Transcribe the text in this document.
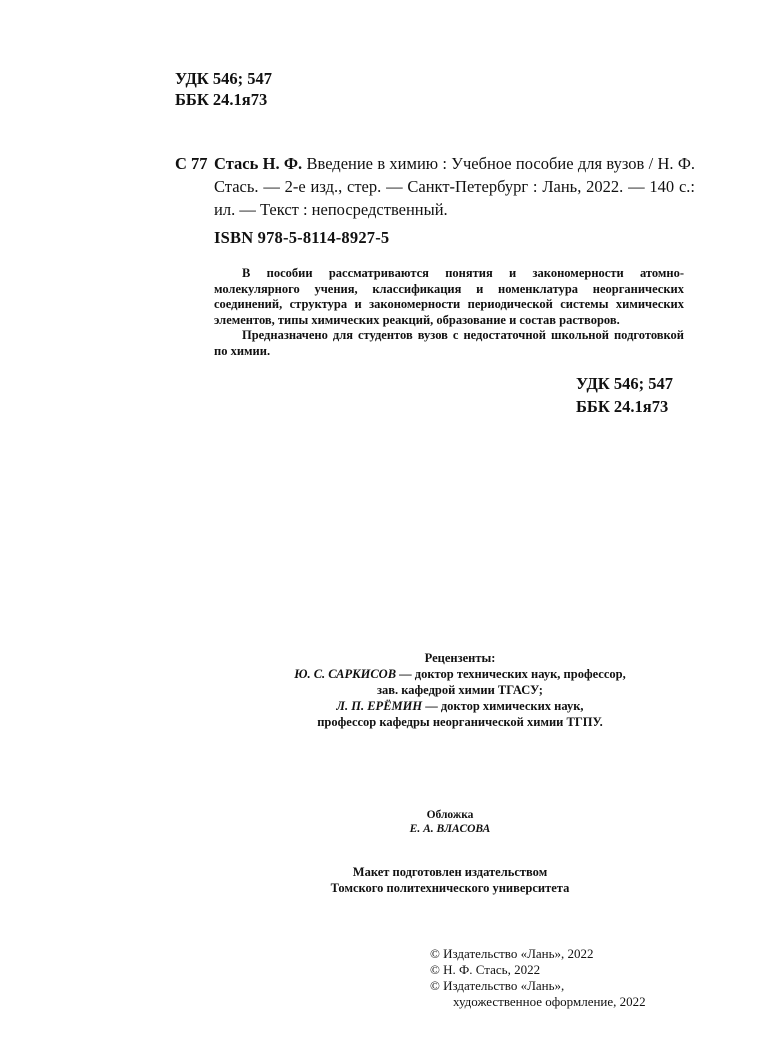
УДК 546; 547
ББК 24.1я73
С 77 Стась Н. Ф. Введение в химию : Учебное пособие для вузов / Н. Ф. Стась. — 2-е изд., стер. — Санкт-Петербург : Лань, 2022. — 140 с.: ил. — Текст : непосредственный.
ISBN 978-5-8114-8927-5

В пособии рассматриваются понятия и закономерности атомно-молекулярного учения, классификация и номенклатура неорганических соединений, структура и закономерности периодической системы химических элементов, типы химических реакций, образование и состав растворов.

Предназначено для студентов вузов с недостаточной школьной подготовкой по химии.

УДК 546; 547
ББК 24.1я73
Рецензенты:
Ю. С. САРКИСОВ — доктор технических наук, профессор,
зав. кафедрой химии ТГАСУ;
Л. П. ЕРЁМИН — доктор химических наук,
профессор кафедры неорганической химии ТГПУ.
Обложка
Е. А. ВЛАСОВА
Макет подготовлен издательством
Томского политехнического университета
© Издательство «Лань», 2022
© Н. Ф. Стась, 2022
© Издательство «Лань»,
художественное оформление, 2022
